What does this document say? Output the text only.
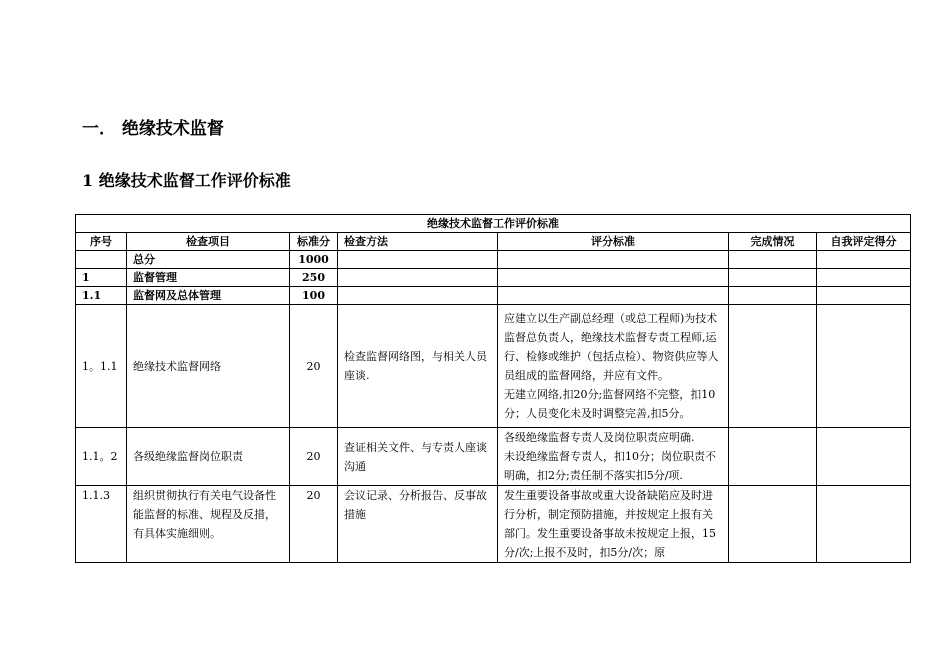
一． 绝缘技术监督
1 绝缘技术监督工作评价标准
绝缘技术监督工作评价标准						
序号	检查项目	标准分	检查方法	评分标准	完成情况	自我评定得分
	总分	1000				
1	监督管理	250				
1.1	监督网及总体管理	100				
1。1.1	绝缘技术监督网络	20	检查监督网络图，与相关人员座谈.	应建立以生产副总经理（或总工程师)为技术监督总负责人，绝缘技术监督专责工程师,运行、检修或维护（包括点检）、物资供应等人员组成的监督网络，并应有文件。
无建立网络,扣20分;监督网络不完整，扣10分；人员变化未及时调整完善,扣5分。		
1.1。2	各级绝缘监督岗位职责	20	查证相关文件、与专责人座谈沟通	各级绝缘监督专责人及岗位职责应明确.
未设绝缘监督专责人，扣10分；岗位职责不明确，扣2分;责任制不落实扣5分/项.		
1.1.3	组织贯彻执行有关电气设备性能监督的标准、规程及反措，有具体实施细则。	20	会议记录、分析报告、反事故措施	发生重要设备事故或重大设备缺陷应及时进行分析，制定预防措施，并按规定上报有关部门。发生重要设备事故未按规定上报，15分/次;上报不及时，扣5分/次；原		
